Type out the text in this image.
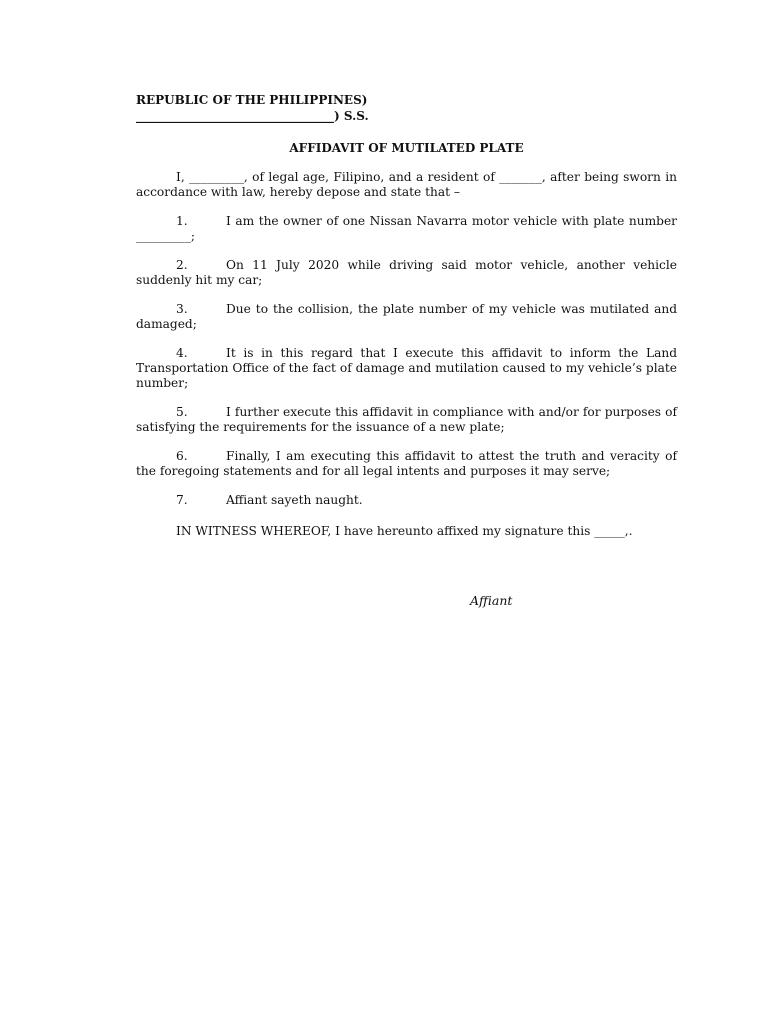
REPUBLIC OF THE PHILIPPINES)
_________________________________) S.S.
AFFIDAVIT OF MUTILATED PLATE
I, _________, of legal age, Filipino, and a resident of _______, after being sworn in accordance with law, hereby depose and state that –
1.	I am the owner of one Nissan Navarra motor vehicle with plate number _________;
2.	On 11 July 2020 while driving said motor vehicle, another vehicle suddenly hit my car;
3.	Due to the collision, the plate number of my vehicle was mutilated and damaged;
4.	It is in this regard that I execute this affidavit to inform the Land Transportation Office of the fact of damage and mutilation caused to my vehicle’s plate number;
5.	I further execute this affidavit in compliance with and/or for purposes of satisfying the requirements for the issuance of a new plate;
6.	Finally, I am executing this affidavit to attest the truth and veracity of the foregoing statements and for all legal intents and purposes it may serve;
7.	Affiant sayeth naught.
IN WITNESS WHEREOF, I have hereunto affixed my signature this _____,.
Affiant
